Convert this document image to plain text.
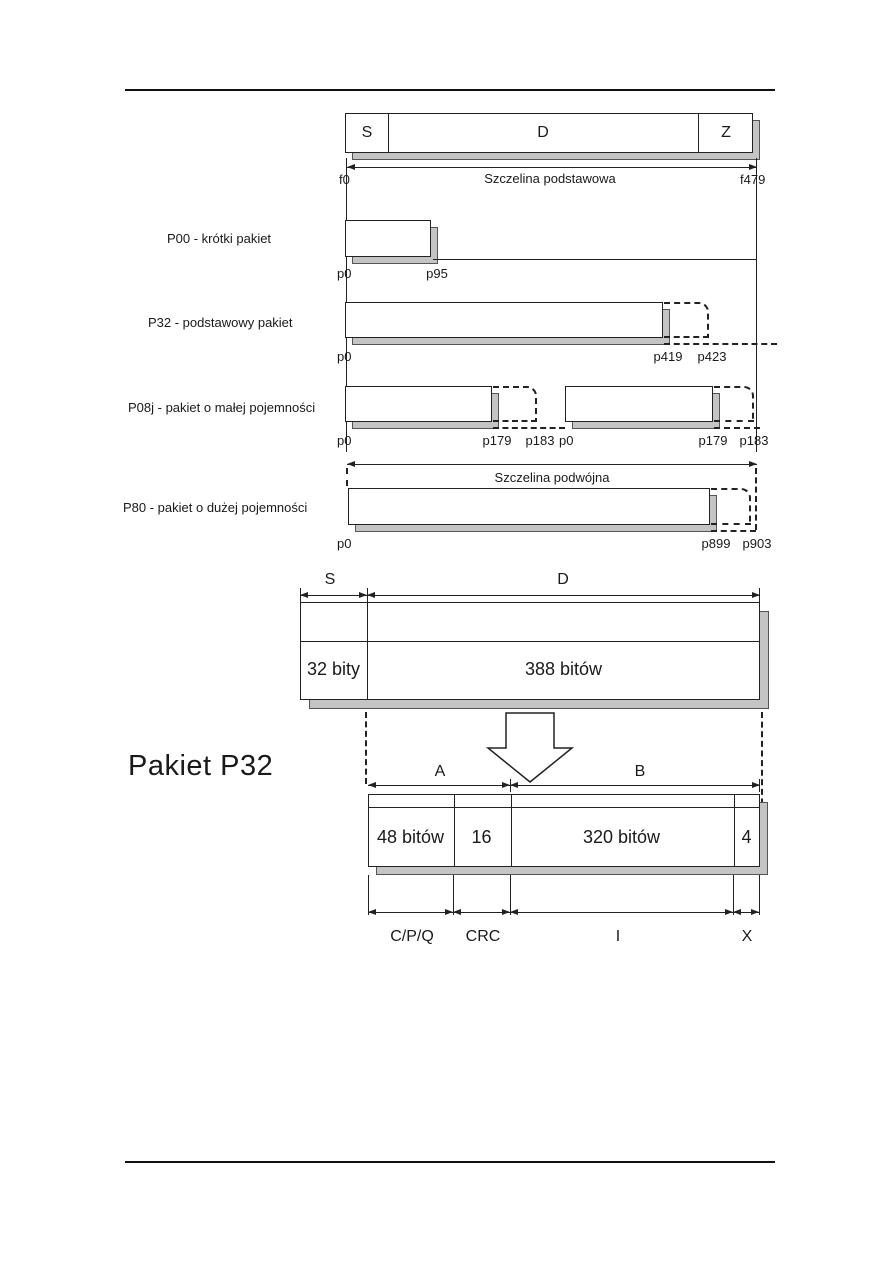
S	D	Z
f0	Szczelina podstawowa	f479
P00 - krótki pakiet
p0	p95
P32 - podstawowy pakiet
p0	p419	p423
P08j - pakiet o małej pojemności
p0	p179	p183 p0	p179 p183
P80 - pakiet o dużej pojemności
Szczelina podwójna
p0	p899 p903
S	D
32 bity	388 bitów
Pakiet P32	A	B
48 bitów	16	320 bitów	4
C/P/Q	CRC	I	X
